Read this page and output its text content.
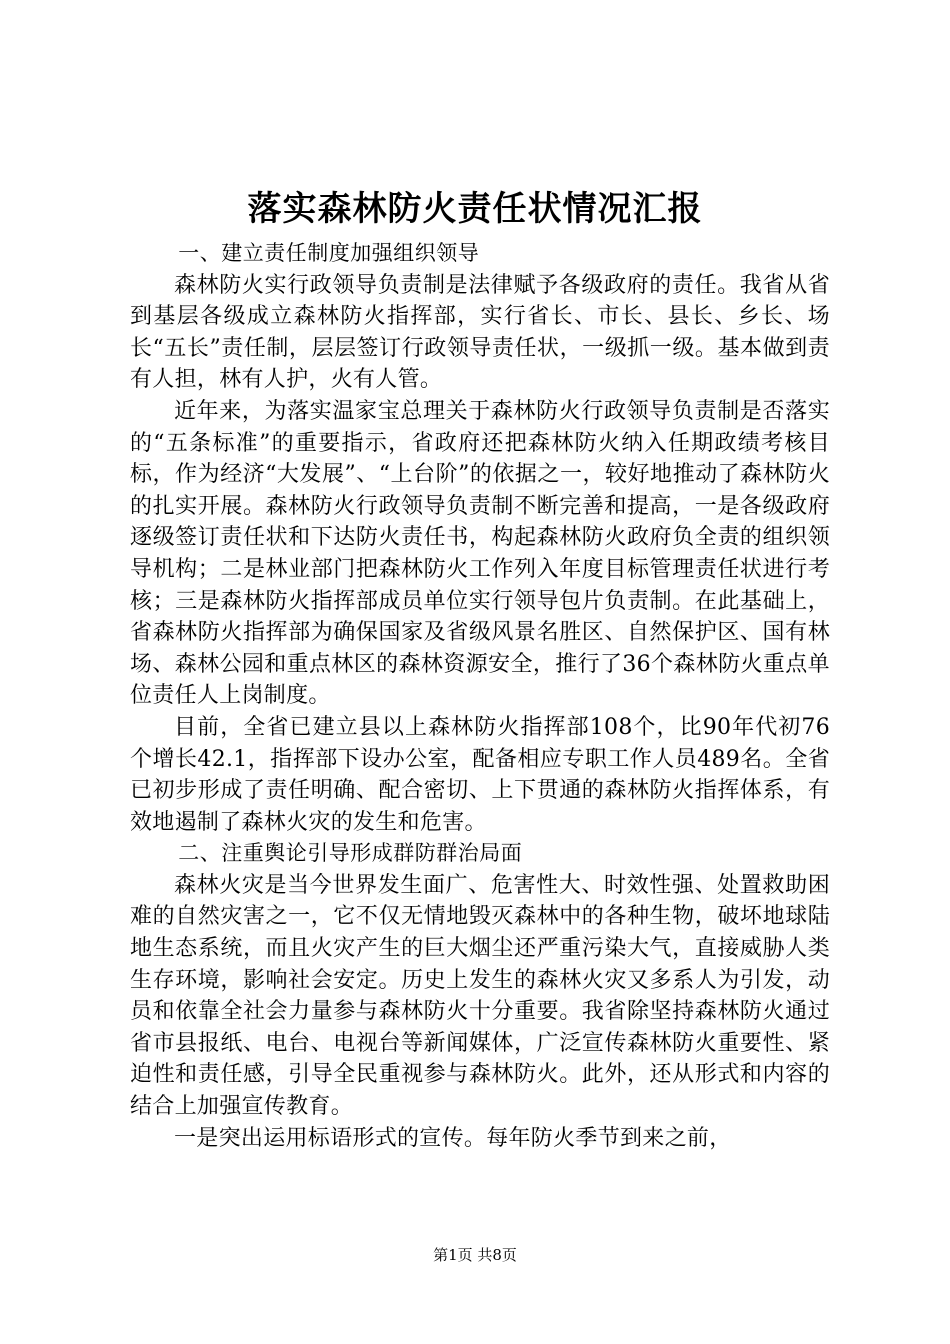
落实森林防火责任状情况汇报

一、建立责任制度加强组织领导

森林防火实行政领导负责制是法律赋予各级政府的责任。我省从省到基层各级成立森林防火指挥部，实行省长、市长、县长、乡长、场长“五长”责任制，层层签订行政领导责任状，一级抓一级。基本做到责有人担，林有人护，火有人管。

近年来，为落实温家宝总理关于森林防火行政领导负责制是否落实的“五条标准”的重要指示，省政府还把森林防火纳入任期政绩考核目标，作为经济“大发展”、“上台阶”的依据之一，较好地推动了森林防火的扎实开展。森林防火行政领导负责制不断完善和提高，一是各级政府逐级签订责任状和下达防火责任书，构起森林防火政府负全责的组织领导机构；二是林业部门把森林防火工作列入年度目标管理责任状进行考核；三是森林防火指挥部成员单位实行领导包片负责制。在此基础上，省森林防火指挥部为确保国家及省级风景名胜区、自然保护区、国有林场、森林公园和重点林区的森林资源安全，推行了36个森林防火重点单位责任人上岗制度。

目前，全省已建立县以上森林防火指挥部108个，比90年代初76个增长42.1，指挥部下设办公室，配备相应专职工作人员489名。全省已初步形成了责任明确、配合密切、上下贯通的森林防火指挥体系，有效地遏制了森林火灾的发生和危害。

二、注重舆论引导形成群防群治局面

森林火灾是当今世界发生面广、危害性大、时效性强、处置救助困难的自然灾害之一，它不仅无情地毁灭森林中的各种生物，破坏地球陆地生态系统，而且火灾产生的巨大烟尘还严重污染大气，直接威胁人类生存环境，影响社会安定。历史上发生的森林火灾又多系人为引发，动员和依靠全社会力量参与森林防火十分重要。我省除坚持森林防火通过省市县报纸、电台、电视台等新闻媒体，广泛宣传森林防火重要性、紧迫性和责任感，引导全民重视参与森林防火。此外，还从形式和内容的结合上加强宣传教育。

一是突出运用标语形式的宣传。每年防火季节到来之前，

第1页 共8页
